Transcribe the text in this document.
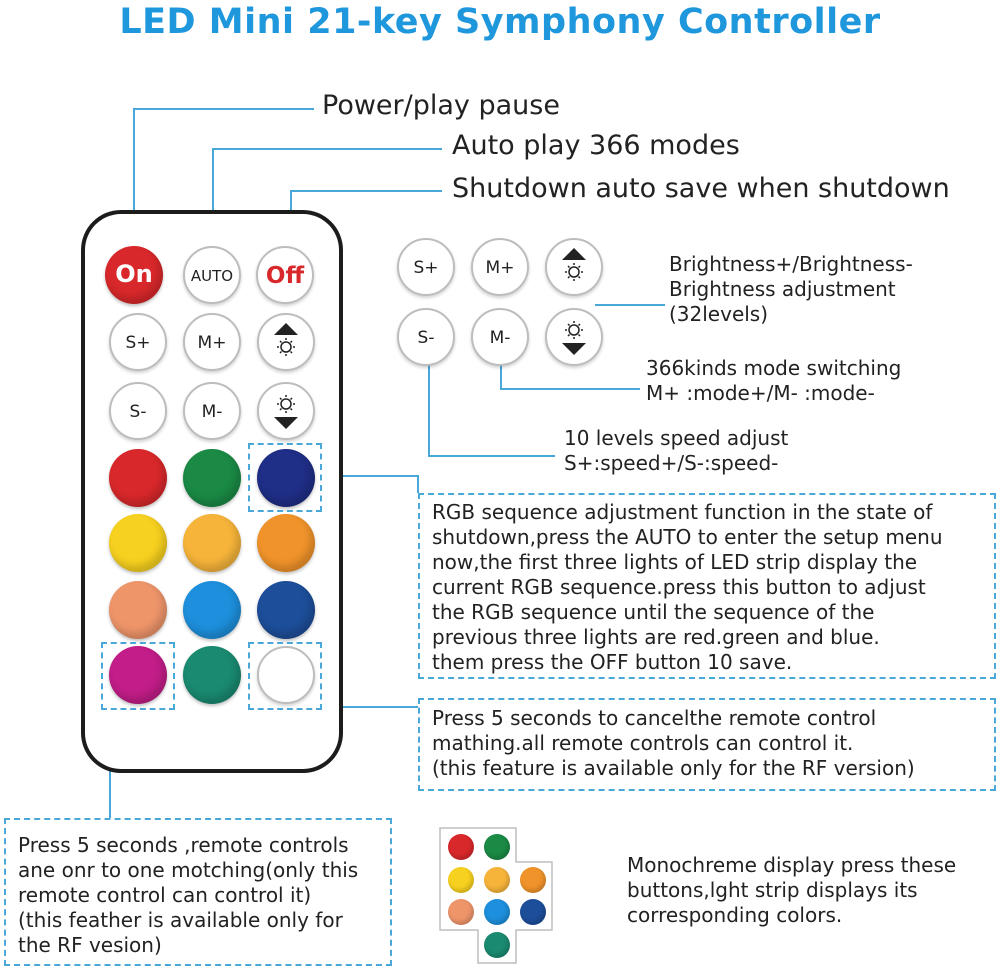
LED Mini 21-key Symphony Controller
Power/play pause
Auto play 366 modes
Shutdown auto save when shutdown
On	AUTO	Off
S+	M+
S-	M-
S+	M+
S-	M-
Brightness+/Brightness-
Brightness adjustment
(32levels)
366kinds mode switching
M+ :mode+/M- :mode-
10 levels speed adjust
S+:speed+/S-:speed-
RGB sequence adjustment function in the state of
shutdown,press the AUTO to enter the setup menu
now,the first three lights of LED strip display the
current RGB sequence.press this button to adjust
the RGB sequence until the sequence of the
previous three lights are red.green and blue.
them press the OFF button 10 save.
Press 5 seconds to cancelthe remote control
mathing.all remote controls can control it.
(this feature is available only for the RF version)
Press 5 seconds ,remote controls
ane onr to one motching(only this
remote control can control it)
(this feather is available only for
the RF vesion)
Monochreme display press these
buttons,lght strip displays its
corresponding colors.
